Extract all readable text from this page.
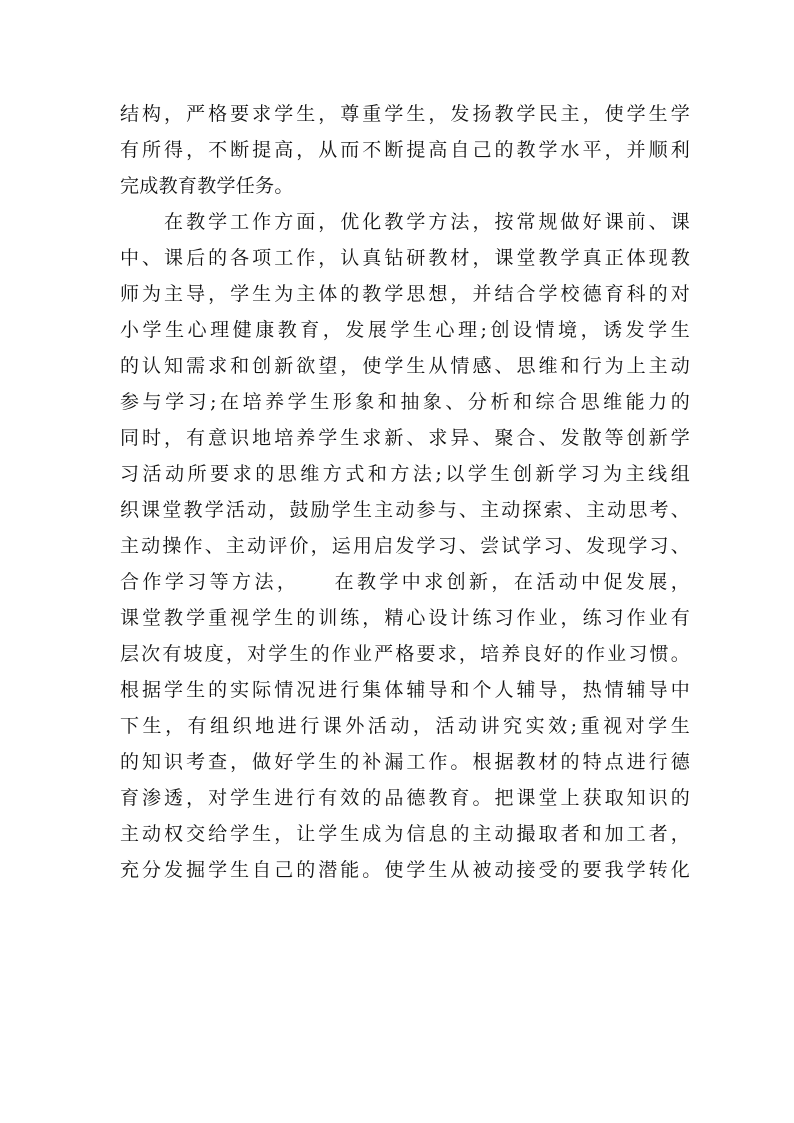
结构，严格要求学生，尊重学生，发扬教学民主，使学生学
有所得，不断提高，从而不断提高自己的教学水平，并顺利
完成教育教学任务。
　　在教学工作方面，优化教学方法，按常规做好课前、课
中、课后的各项工作，认真钻研教材，课堂教学真正体现教
师为主导，学生为主体的教学思想，并结合学校德育科的对
小学生心理健康教育，发展学生心理;创设情境，诱发学生
的认知需求和创新欲望，使学生从情感、思维和行为上主动
参与学习;在培养学生形象和抽象、分析和综合思维能力的
同时，有意识地培养学生求新、求异、聚合、发散等创新学
习活动所要求的思维方式和方法;以学生创新学习为主线组
织课堂教学活动，鼓励学生主动参与、主动探索、主动思考、
主动操作、主动评价，运用启发学习、尝试学习、发现学习、
合作学习等方法，　　在教学中求创新，在活动中促发展，
课堂教学重视学生的训练，精心设计练习作业，练习作业有
层次有坡度，对学生的作业严格要求，培养良好的作业习惯。
根据学生的实际情况进行集体辅导和个人辅导，热情辅导中
下生，有组织地进行课外活动，活动讲究实效;重视对学生
的知识考查，做好学生的补漏工作。根据教材的特点进行德
育渗透，对学生进行有效的品德教育。把课堂上获取知识的
主动权交给学生，让学生成为信息的主动撮取者和加工者，
充分发掘学生自己的潜能。使学生从被动接受的要我学转化
